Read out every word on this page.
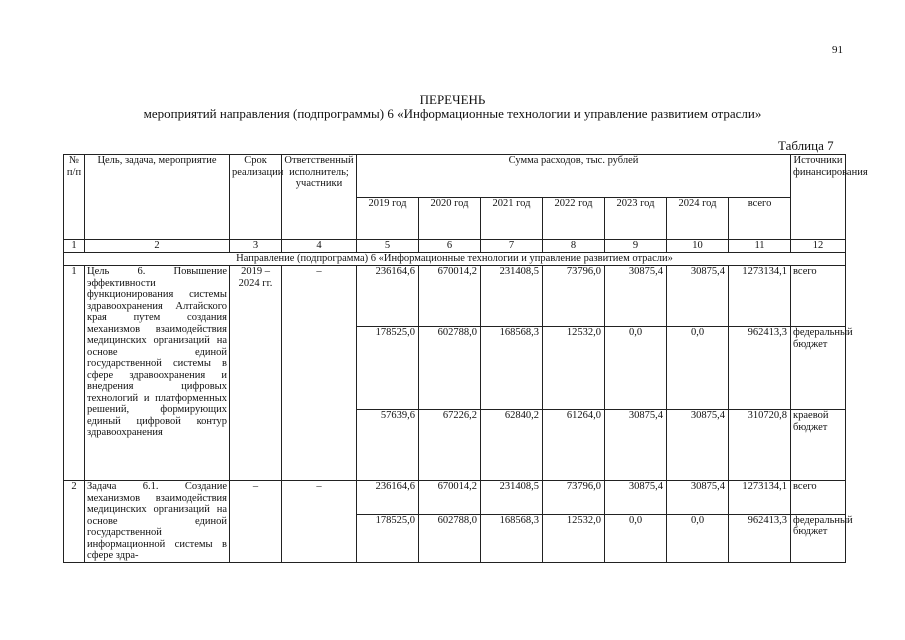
91
ПЕРЕЧЕНЬ
мероприятий направления (подпрограммы) 6 «Информационные технологии и управление развитием отрасли»
Таблица 7
№ п/п	Цель, задача, мероприятие	Срок реализации	Ответственный исполнитель; участники	Сумма расходов, тыс. рублей							Источники финансирования
				2019 год	2020 год	2021 год	2022 год	2023 год	2024 год	всего	
1	2	3	4	5	6	7	8	9	10	11	12
Направление (подпрограмма) 6 «Информационные технологии и управление развитием отрасли»											
1	Цель 6. Повышение эффективности функционирования системы здравоохранения Алтайского края путем создания механизмов взаимодействия медицинских организаций на основе единой государственной системы в сфере здравоохранения и внедрения цифровых технологий и платформенных решений, формирующих единый цифровой контур здравоохранения	2019 – 2024 гг.	–	236164,6	670014,2	231408,5	73796,0	30875,4	30875,4	1273134,1	всего
				178525,0	602788,0	168568,3	12532,0	0,0	0,0	962413,3	федеральный бюджет
				57639,6	67226,2	62840,2	61264,0	30875,4	30875,4	310720,8	краевой бюджет
2	Задача 6.1. Создание механизмов взаимодействия медицинских организаций на основе единой государственной информационной системы в сфере здра-	–	–	236164,6	670014,2	231408,5	73796,0	30875,4	30875,4	1273134,1	всего
				178525,0	602788,0	168568,3	12532,0	0,0	0,0	962413,3	федеральный бюджет
